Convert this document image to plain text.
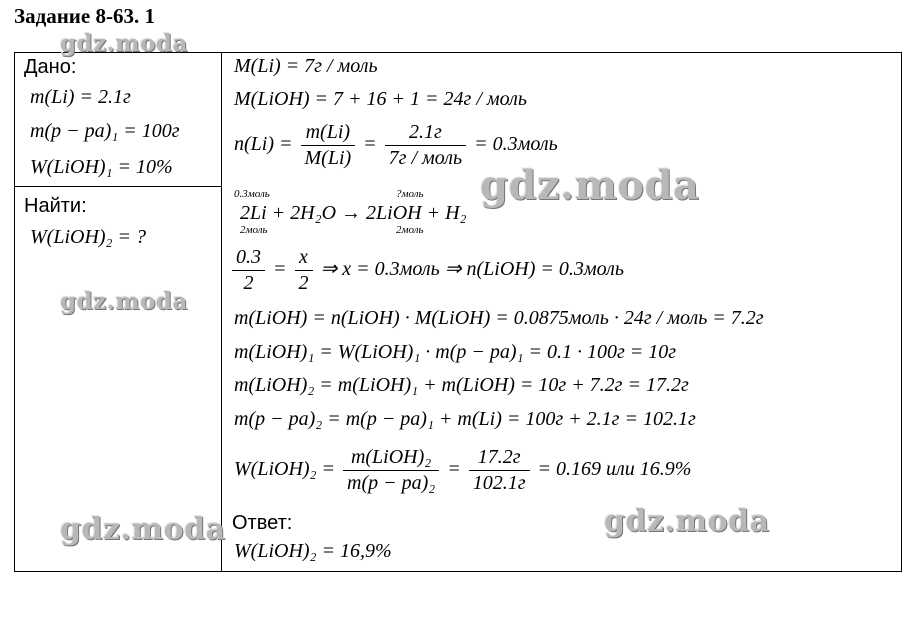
Задание 8-63. 1
Дано:
m(Li) = 2.1г
m(p − pa)₁ = 100г
W(LiOH)₁ = 10%
Найти:
W(LiOH)₂ = ?
M(Li) = 7г / моль
M(LiOH) = 7 + 16 + 1 = 24г / моль
$n(Li) = \frac{m(Li)}{M(Li)} = \frac{2.1г}{\text{7г / моль}}$ = 0.3моль
0.3моль	?моль
2Li + 2H₂O → 2LiOH + H₂
2моль	2моль
$\frac{0.3}{2} = \frac{x}{2}$ ⇒ x = 0.3моль ⇒ n(LiOH) = 0.3моль
m(LiOH) = n(LiOH) · M(LiOH) = 0.0875моль · 24г / моль = 7.2г
m(LiOH)₁ = W(LiOH)₁ · m(p − pa)₁ = 0.1 · 100г = 10г
m(LiOH)₂ = m(LiOH)₁ + m(LiOH) = 10г + 7.2г = 17.2г
m(p − pa)₂ = m(p − pa)₁ + m(Li) = 100г + 2.1г = 102.1г
W(LiOH)₂ = $\frac{\text{m(LiOH)₂}}{\text{m(p − pa)₂}} = \frac{17.2г}{102.1г} = 0.169$ или 16.9%
Ответ:
W(LiOH)₂ = 16,9%
gdz.moda
gdz.moda
gdz.moda
gdz.moda	gdz.moda
